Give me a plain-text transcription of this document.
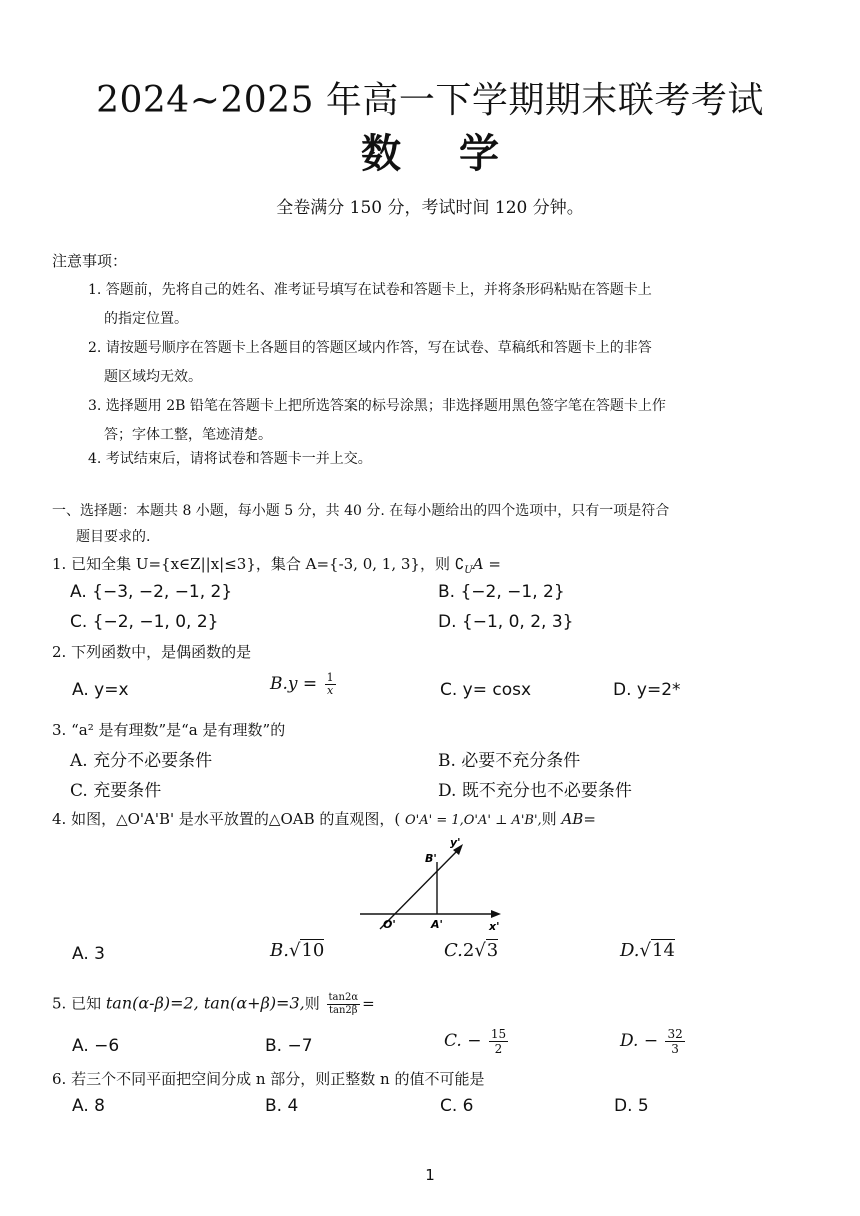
2024~2025 年高一下学期期末联考考试
数学
全卷满分 150 分，考试时间 120 分钟。
注意事项：
1. 答题前，先将自己的姓名、准考证号填写在试卷和答题卡上，并将条形码粘贴在答题卡上
的指定位置。
2. 请按题号顺序在答题卡上各题目的答题区域内作答，写在试卷、草稿纸和答题卡上的非答
题区域均无效。
3. 选择题用 2B 铅笔在答题卡上把所选答案的标号涂黑；非选择题用黑色签字笔在答题卡上作
答；字体工整，笔迹清楚。
4. 考试结束后，请将试卷和答题卡一并上交。
一、选择题：本题共 8 小题，每小题 5 分，共 40 分. 在每小题给出的四个选项中，只有一项是符合
题目要求的.
1. 已知全集 U={x∈Z||x|≤3}，集合 A={-3, 0, 1, 3}，则 $∁_UA$ =
A. {−3, −2, −1, 2}	B. {−2, −1, 2}
C. {−2, −1, 0, 2}	D. {−1, 0, 2, 3}
2. 下列函数中，是偶函数的是
A. y=x	$B.y = \frac{1}{x}$	C. y= cosx	D. y=2*
3. “a² 是有理数”是“a 是有理数”的
A. 充分不必要条件	B. 必要不充分条件
C. 充要条件	D. 既不充分也不必要条件
4. 如图，△O'A'B' 是水平放置的△OAB 的直观图，( O'A' = 1,O'A' ⊥ A'B',则 AB=
y'
B'
O'	A'	x'
A. 3	B.√10	C.2√3	D.√14
5. 已知 tan(α-β)=2, tan(α+β)=3,则 $\frac{\tan 2\alpha}{\tan 2\beta}$ =
A. −6	B. −7	C. − $\frac{15}{2}$	D. − $\frac{32}{3}$
6. 若三个不同平面把空间分成 n 部分，则正整数 n 的值不可能是
A. 8	B. 4	C. 6	D. 5
1
